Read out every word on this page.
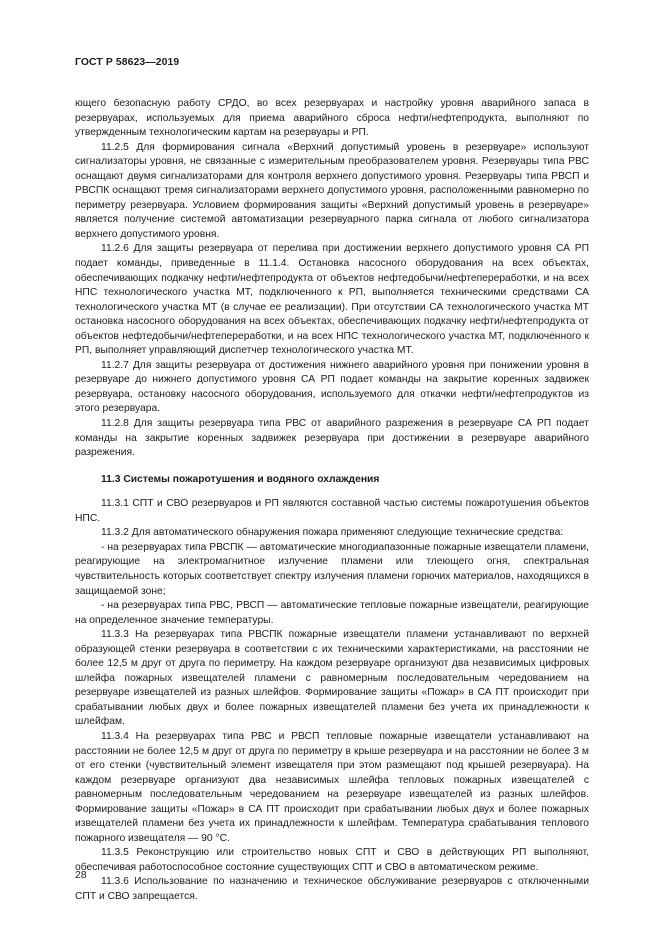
ГОСТ Р 58623—2019

ющего безопасную работу СРДО, во всех резервуарах и настройку уровня аварийного запаса в резервуарах, используемых для приема аварийного сброса нефти/нефтепродукта, выполняют по утвержденным технологическим картам на резервуары и РП.

11.2.5 Для формирования сигнала «Верхний допустимый уровень в резервуаре» используют сигнализаторы уровня, не связанные с измерительным преобразователем уровня. Резервуары типа РВС оснащают двумя сигнализаторами для контроля верхнего допустимого уровня. Резервуары типа РВСП и РВСПК оснащают тремя сигнализаторами верхнего допустимого уровня, расположенными равномерно по периметру резервуара. Условием формирования защиты «Верхний допустимый уровень в резервуаре» является получение системой автоматизации резервуарного парка сигнала от любого сигнализатора верхнего допустимого уровня.

11.2.6 Для защиты резервуара от перелива при достижении верхнего допустимого уровня СА РП подает команды, приведенные в 11.1.4. Остановка насосного оборудования на всех объектах, обеспечивающих подкачку нефти/нефтепродукта от объектов нефтедобычи/нефтепереработки, и на всех НПС технологического участка МТ, подключенного к РП, выполняется техническими средствами СА технологического участка МТ (в случае ее реализации). При отсутствии СА технологического участка МТ остановка насосного оборудования на всех объектах, обеспечивающих подкачку нефти/нефтепродукта от объектов нефтедобычи/нефтепереработки, и на всех НПС технологического участка МТ, подключенного к РП, выполняет управляющий диспетчер технологического участка МТ.

11.2.7 Для защиты резервуара от достижения нижнего аварийного уровня при понижении уровня в резервуаре до нижнего допустимого уровня СА РП подает команды на закрытие коренных задвижек резервуара, остановку насосного оборудования, используемого для откачки нефти/нефтепродуктов из этого резервуара.

11.2.8 Для защиты резервуара типа РВС от аварийного разрежения в резервуаре СА РП подает команды на закрытие коренных задвижек резервуара при достижении в резервуаре аварийного разрежения.

11.3 Системы пожаротушения и водяного охлаждения

11.3.1 СПТ и СВО резервуаров и РП являются составной частью системы пожаротушения объектов НПС.

11.3.2 Для автоматического обнаружения пожара применяют следующие технические средства:

- на резервуарах типа РВСПК — автоматические многодиапазонные пожарные извещатели пламени, реагирующие на электромагнитное излучение пламени или тлеющего огня, спектральная чувствительность которых соответствует спектру излучения пламени горючих материалов, находящихся в защищаемой зоне;

- на резервуарах типа РВС, РВСП — автоматические тепловые пожарные извещатели, реагирующие на определенное значение температуры.

11.3.3 На резервуарах типа РВСПК пожарные извещатели пламени устанавливают по верхней образующей стенки резервуара в соответствии с их техническими характеристиками, на расстоянии не более 12,5 м друг от друга по периметру. На каждом резервуаре организуют два независимых цифровых шлейфа пожарных извещателей пламени с равномерным последовательным чередованием на резервуаре извещателей из разных шлейфов. Формирование защиты «Пожар» в СА ПТ происходит при срабатывании любых двух и более пожарных извещателей пламени без учета их принадлежности к шлейфам.

11.3.4 На резервуарах типа РВС и РВСП тепловые пожарные извещатели устанавливают на расстоянии не более 12,5 м друг от друга по периметру в крыше резервуара и на расстоянии не более 3 м от его стенки (чувствительный элемент извещателя при этом размещают под крышей резервуара). На каждом резервуаре организуют два независимых шлейфа тепловых пожарных извещателей с равномерным последовательным чередованием на резервуаре извещателей из разных шлейфов. Формирование защиты «Пожар» в СА ПТ происходит при срабатывании любых двух и более пожарных извещателей пламени без учета их принадлежности к шлейфам. Температура срабатывания теплового пожарного извещателя — 90 °С.

11.3.5 Реконструкцию или строительство новых СПТ и СВО в действующих РП выполняют, обеспечивая работоспособное состояние существующих СПТ и СВО в автоматическом режиме.

11.3.6 Использование по назначению и техническое обслуживание резервуаров с отключенными СПТ и СВО запрещается.

28
